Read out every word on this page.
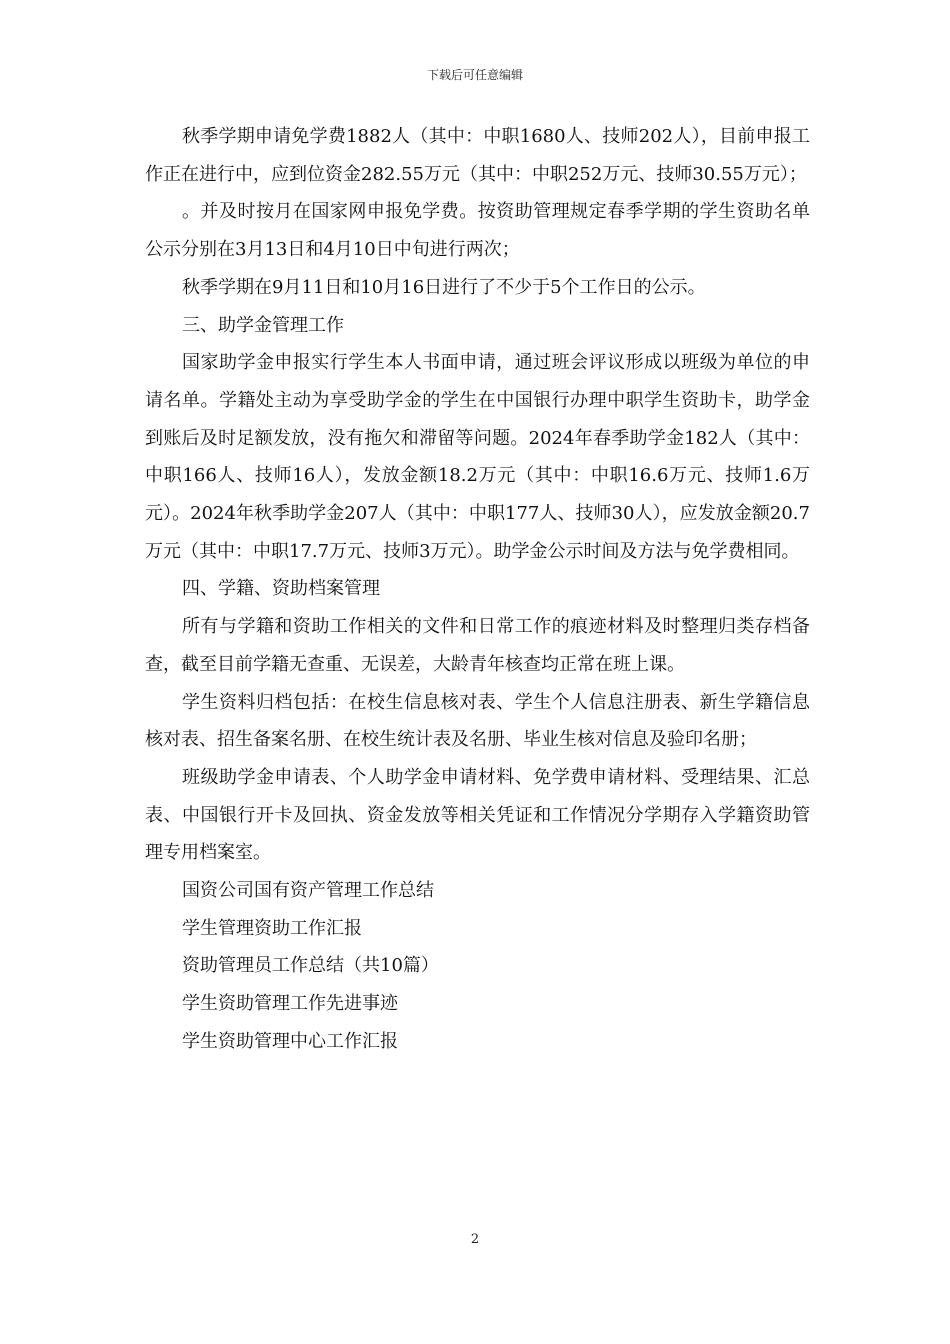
下载后可任意编辑

秋季学期申请免学费1882人（其中：中职1680人、技师202人），目前申报工作正在进行中，应到位资金282.55万元（其中：中职252万元、技师30.55万元）；

。并及时按月在国家网申报免学费。按资助管理规定春季学期的学生资助名单公示分别在3月13日和4月10日中旬进行两次；

秋季学期在9月11日和10月16日进行了不少于5个工作日的公示。

三、助学金管理工作

国家助学金申报实行学生本人书面申请，通过班会评议形成以班级为单位的申请名单。学籍处主动为享受助学金的学生在中国银行办理中职学生资助卡，助学金到账后及时足额发放，没有拖欠和滞留等问题。2024年春季助学金182人（其中：中职166人、技师16人），发放金额18.2万元（其中：中职16.6万元、技师1.6万元）。2024年秋季助学金207人（其中：中职177人、技师30人），应发放金额20.7万元（其中：中职17.7万元、技师3万元）。助学金公示时间及方法与免学费相同。

四、学籍、资助档案管理

所有与学籍和资助工作相关的文件和日常工作的痕迹材料及时整理归类存档备查，截至目前学籍无查重、无误差，大龄青年核查均正常在班上课。

学生资料归档包括：在校生信息核对表、学生个人信息注册表、新生学籍信息核对表、招生备案名册、在校生统计表及名册、毕业生核对信息及验印名册；

班级助学金申请表、个人助学金申请材料、免学费申请材料、受理结果、汇总表、中国银行开卡及回执、资金发放等相关凭证和工作情况分学期存入学籍资助管理专用档案室。

国资公司国有资产管理工作总结

学生管理资助工作汇报

资助管理员工作总结（共10篇）

学生资助管理工作先进事迹

学生资助管理中心工作汇报

2
